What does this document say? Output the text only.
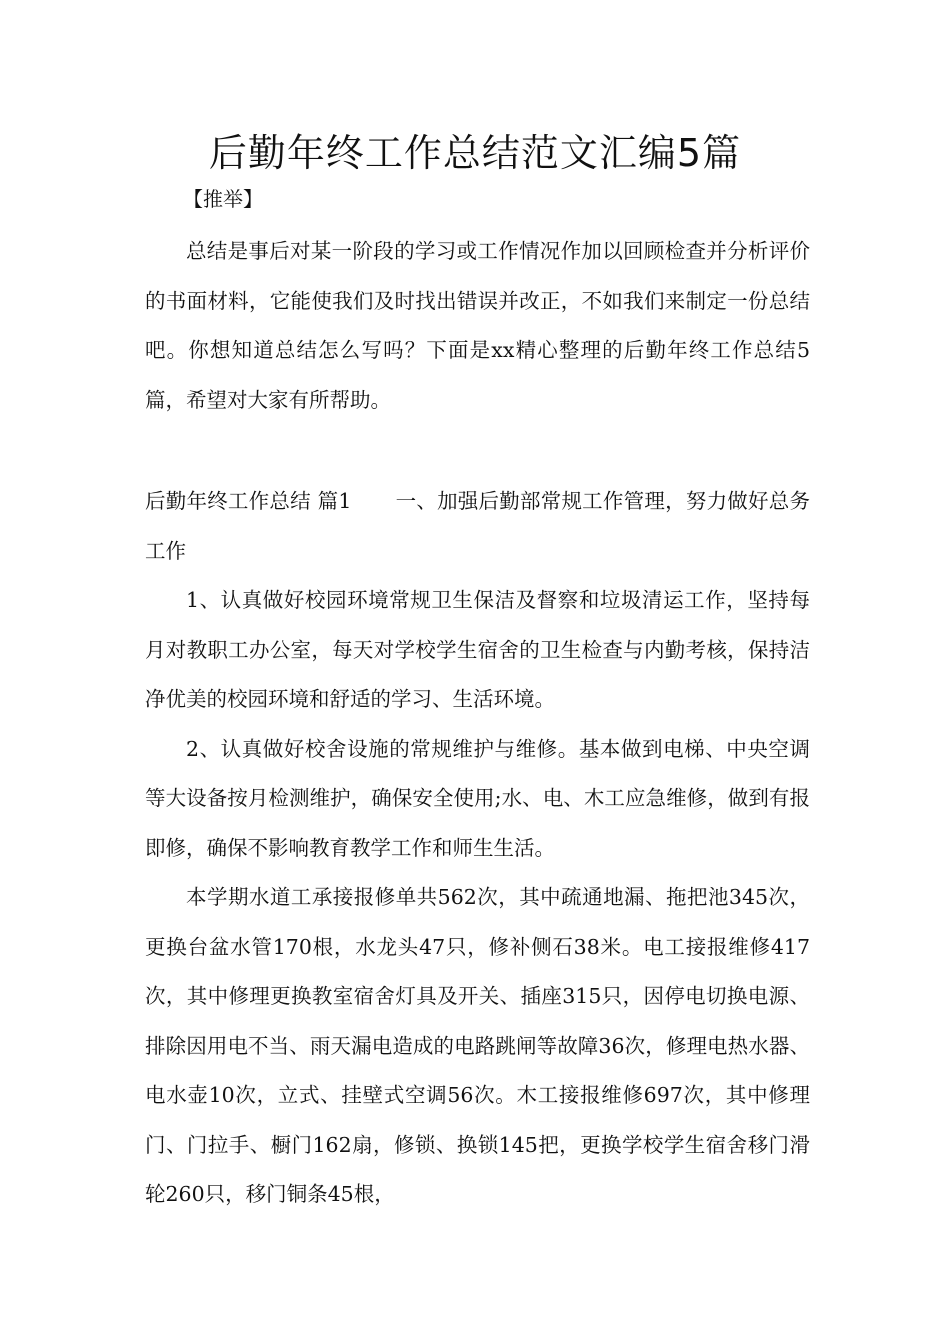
后勤年终工作总结范文汇编5篇
【推举】

总结是事后对某一阶段的学习或工作情况作加以回顾检查并分析评价的书面材料，它能使我们及时找出错误并改正，不如我们来制定一份总结吧。你想知道总结怎么写吗？下面是xx精心整理的后勤年终工作总结5篇，希望对大家有所帮助。

后勤年终工作总结 篇1 一、加强后勤部常规工作管理，努力做好总务工作

1、认真做好校园环境常规卫生保洁及督察和垃圾清运工作，坚持每月对教职工办公室，每天对学校学生宿舍的卫生检查与内勤考核，保持洁净优美的校园环境和舒适的学习、生活环境。

2、认真做好校舍设施的常规维护与维修。基本做到电梯、中央空调等大设备按月检测维护，确保安全使用;水、电、木工应急维修，做到有报即修，确保不影响教育教学工作和师生生活。

本学期水道工承接报修单共562次，其中疏通地漏、拖把池345次，更换台盆水管170根，水龙头47只，修补侧石38米。电工接报维修417次，其中修理更换教室宿舍灯具及开关、插座315只，因停电切换电源、排除因用电不当、雨天漏电造成的电路跳闸等故障36次，修理电热水器、电水壶10次，立式、挂壁式空调56次。木工接报维修697次，其中修理门、门拉手、橱门162扇，修锁、换锁145把，更换学校学生宿舍移门滑轮260只，移门铜条45根，
